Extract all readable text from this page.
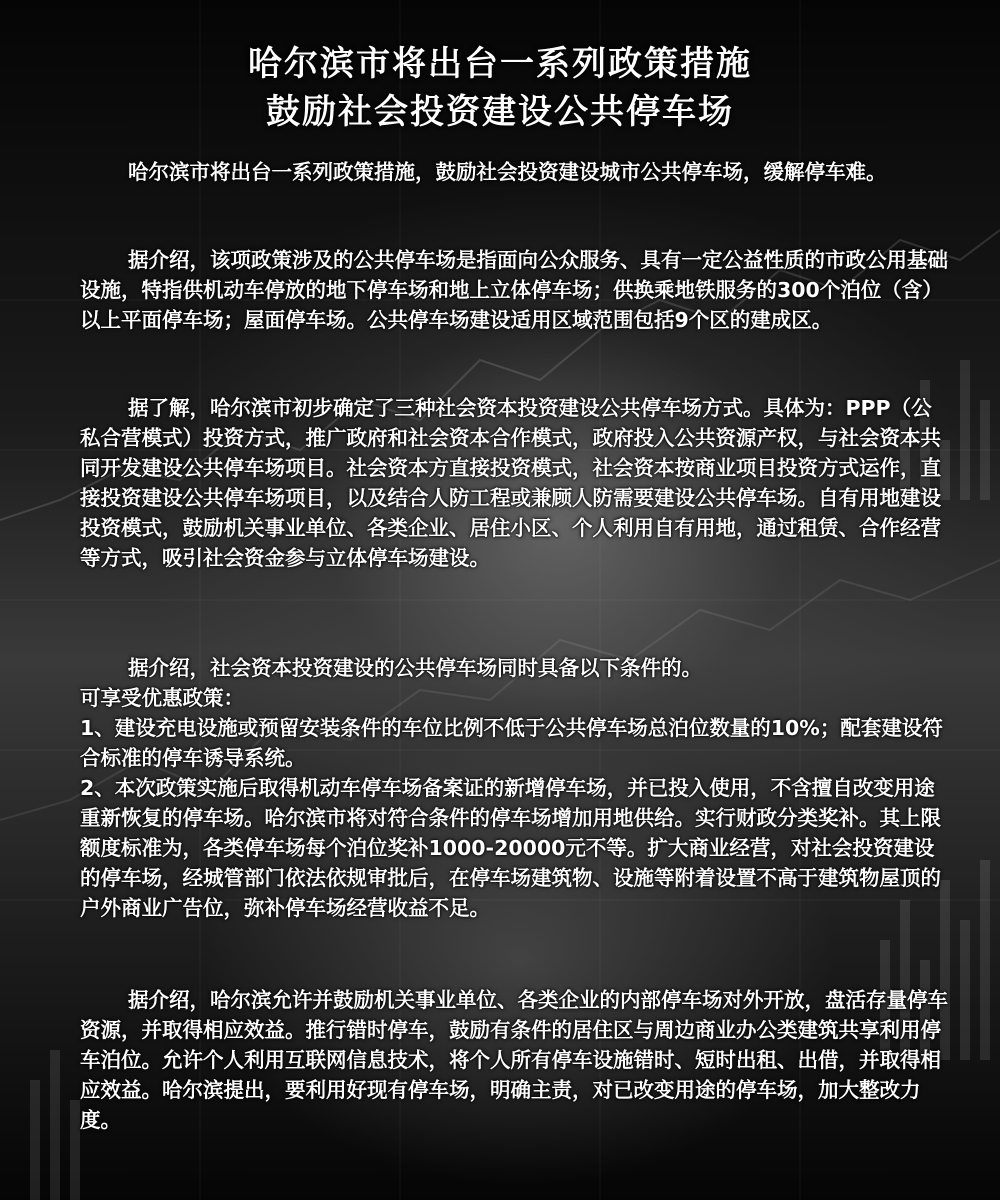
哈尔滨市将出台一系列政策措施
鼓励社会投资建设公共停车场

哈尔滨市将出台一系列政策措施，鼓励社会投资建设城市公共停车场，缓解停车难。

据介绍，该项政策涉及的公共停车场是指面向公众服务、具有一定公益性质的市政公用基础设施，特指供机动车停放的地下停车场和地上立体停车场；供换乘地铁服务的300个泊位（含）以上平面停车场；屋面停车场。公共停车场建设适用区域范围包括9个区的建成区。

据了解，哈尔滨市初步确定了三种社会资本投资建设公共停车场方式。具体为：PPP（公私合营模式）投资方式，推广政府和社会资本合作模式，政府投入公共资源产权，与社会资本共同开发建设公共停车场项目。社会资本方直接投资模式，社会资本按商业项目投资方式运作，直接投资建设公共停车场项目，以及结合人防工程或兼顾人防需要建设公共停车场。自有用地建设投资模式，鼓励机关事业单位、各类企业、居住小区、个人利用自有用地，通过租赁、合作经营等方式，吸引社会资金参与立体停车场建设。

据介绍，社会资本投资建设的公共停车场同时具备以下条件的。
可享受优惠政策：
1、建设充电设施或预留安装条件的车位比例不低于公共停车场总泊位数量的10%；配套建设符合标准的停车诱导系统。
2、本次政策实施后取得机动车停车场备案证的新增停车场，并已投入使用，不含擅自改变用途重新恢复的停车场。哈尔滨市将对符合条件的停车场增加用地供给。实行财政分类奖补。其上限额度标准为，各类停车场每个泊位奖补1000-20000元不等。扩大商业经营，对社会投资建设的停车场，经城管部门依法依规审批后，在停车场建筑物、设施等附着设置不高于建筑物屋顶的户外商业广告位，弥补停车场经营收益不足。

据介绍，哈尔滨允许并鼓励机关事业单位、各类企业的内部停车场对外开放，盘活存量停车资源，并取得相应效益。推行错时停车，鼓励有条件的居住区与周边商业办公类建筑共享利用停车泊位。允许个人利用互联网信息技术，将个人所有停车设施错时、短时出租、出借，并取得相应效益。哈尔滨提出，要利用好现有停车场，明确主责，对已改变用途的停车场，加大整改力度。
